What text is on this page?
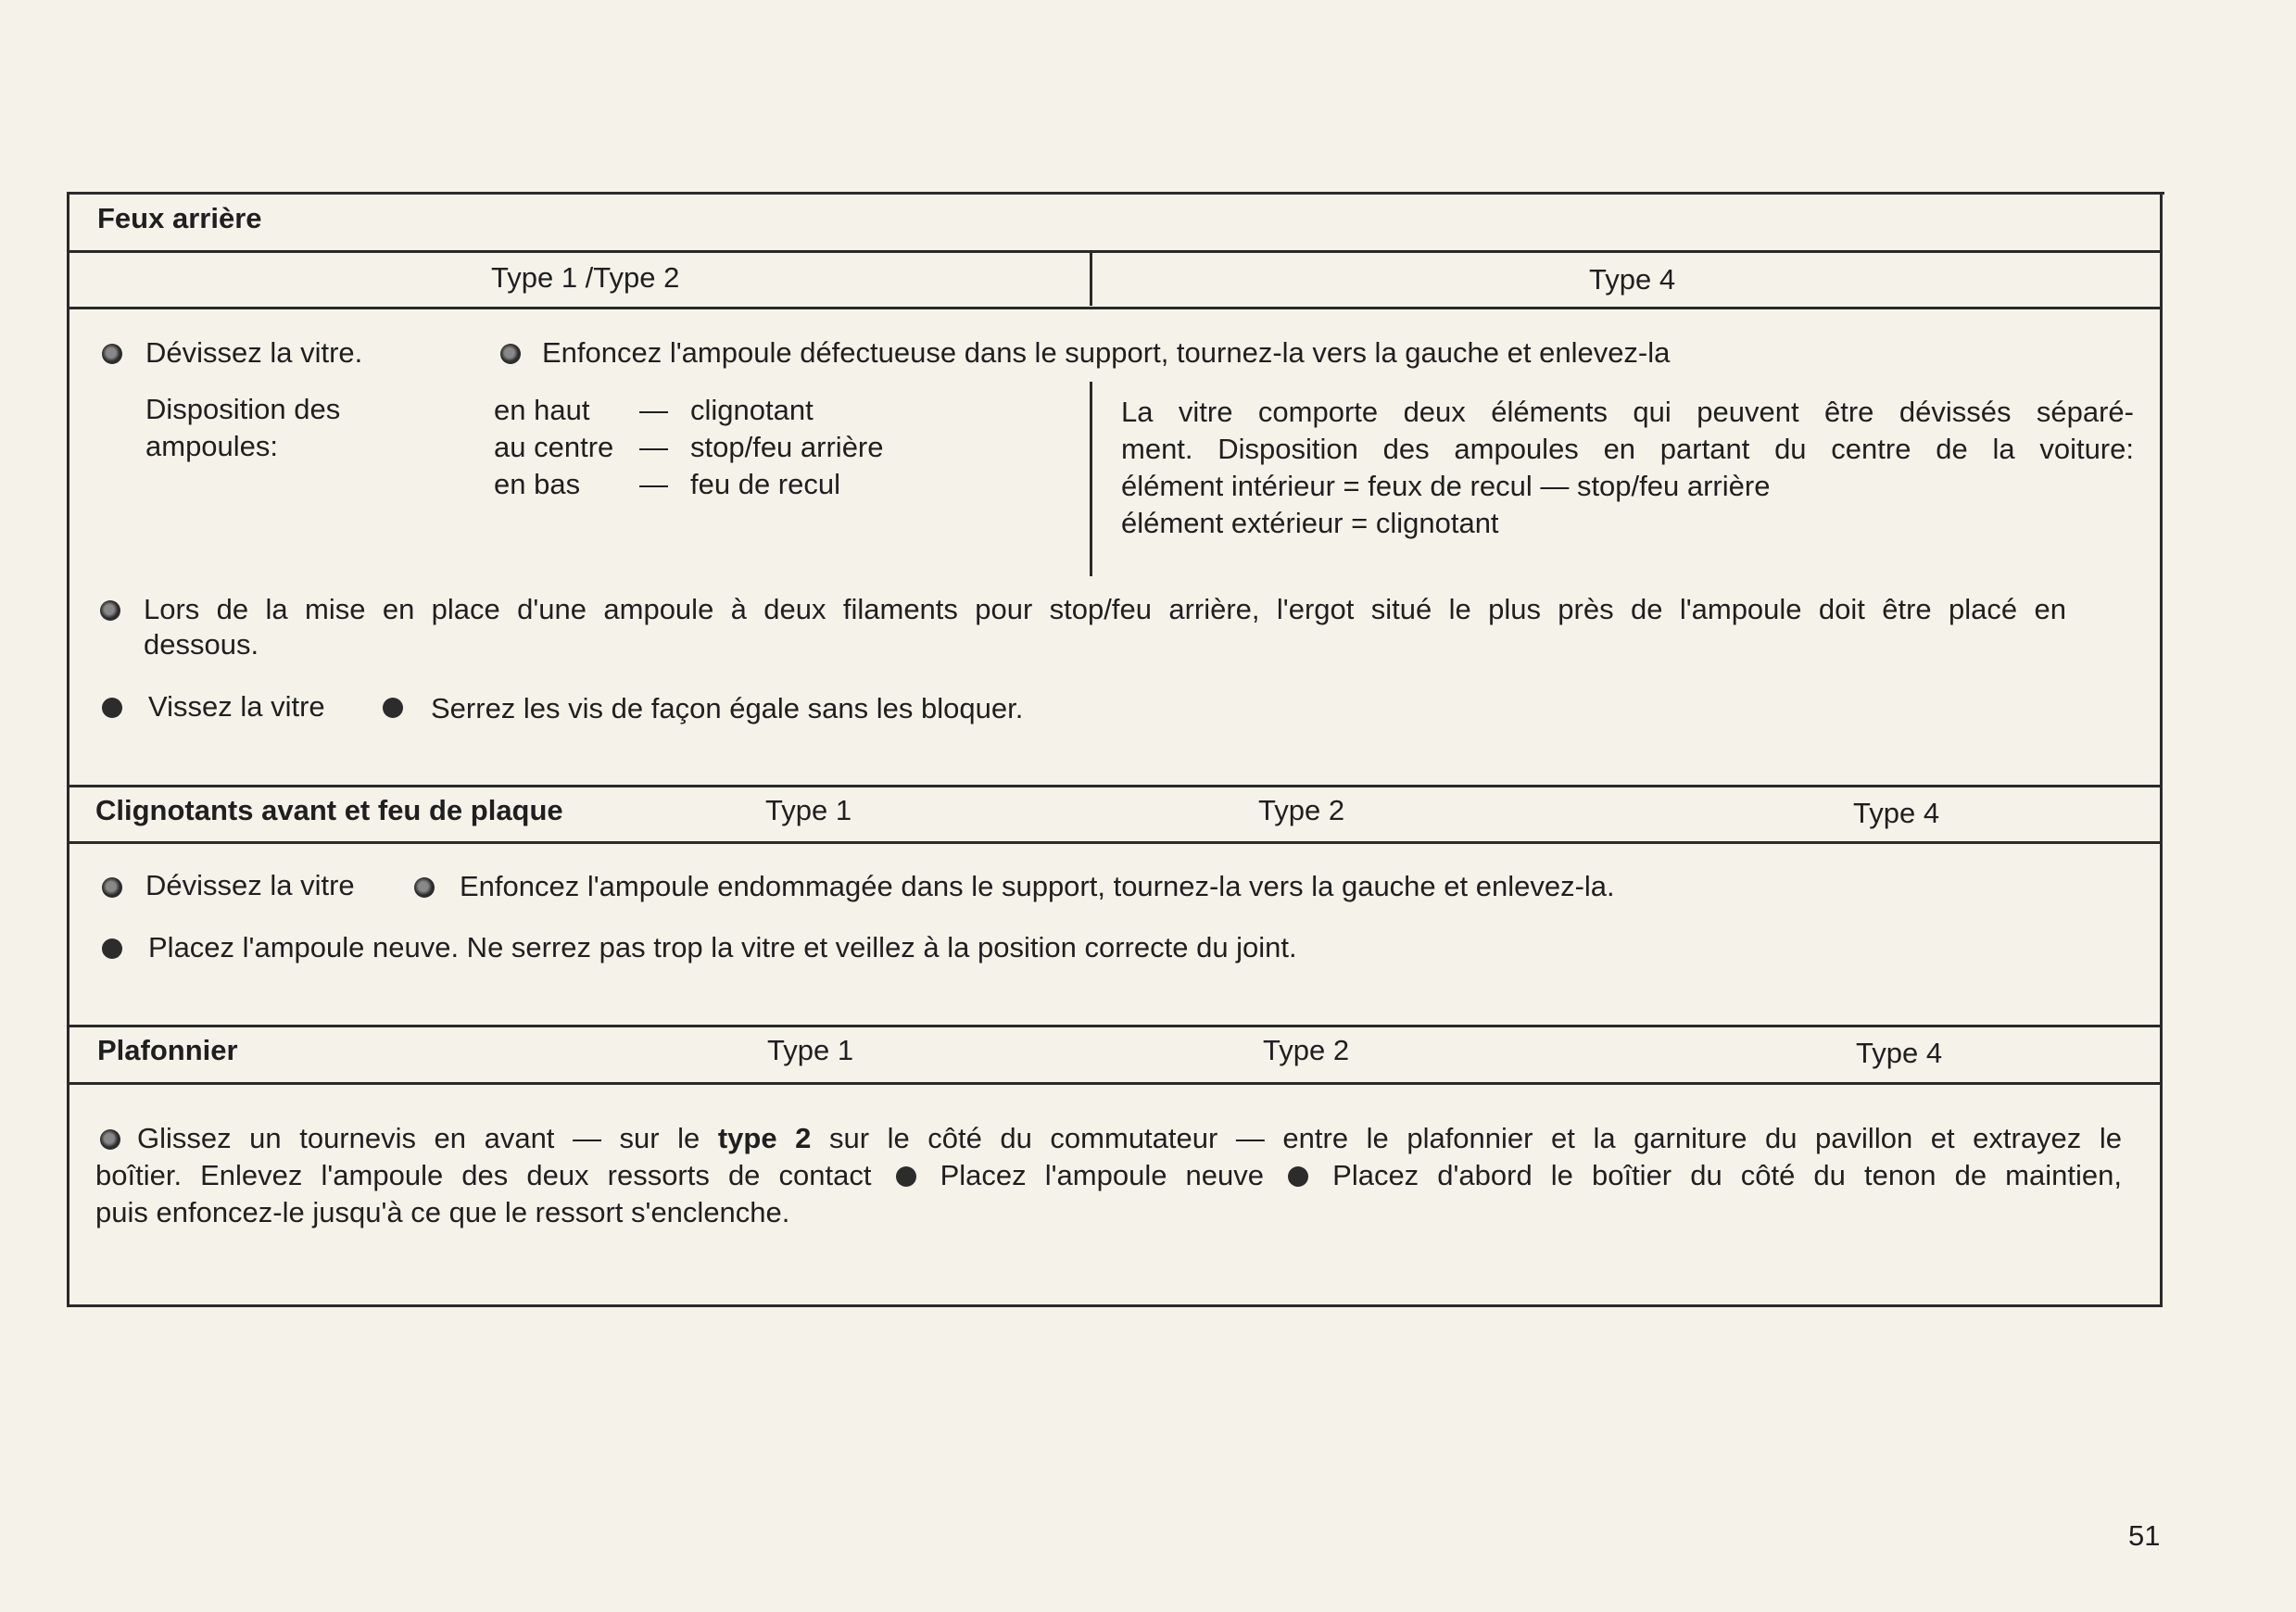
Feux arrière
Type 1 /Type 2	Type 4
Dévissez la vitre.	Enfoncez l'ampoule défectueuse dans le support, tournez-la vers la gauche et enlevez-la
Disposition des
ampoules:
en haut — clignotant
au centre — stop/feu arrière
en bas — feu de recul
La vitre comporte deux éléments qui peuvent être dévissés séparé-
ment. Disposition des ampoules en partant du centre de la voiture:
élément intérieur = feux de recul — stop/feu arrière
élément extérieur = clignotant
Lors de la mise en place d'une ampoule à deux filaments pour stop/feu arrière, l'ergot situé le plus près de l'ampoule doit être placé en
dessous.
Vissez la vitre	Serrez les vis de façon égale sans les bloquer.
Clignotants avant et feu de plaque	Type 1	Type 2	Type 4
Dévissez la vitre	Enfoncez l'ampoule endommagée dans le support, tournez-la vers la gauche et enlevez-la.
Placez l'ampoule neuve. Ne serrez pas trop la vitre et veillez à la position correcte du joint.
Plafonnier	Type 1	Type 2	Type 4
Glissez un tournevis en avant — sur le type 2 sur le côté du commutateur — entre le plafonnier et la garniture du pavillon et extrayez le
boîtier. Enlevez l'ampoule des deux ressorts de contact Placez l'ampoule neuve Placez d'abord le boîtier du côté du tenon de maintien,
puis enfoncez-le jusqu'à ce que le ressort s'enclenche.
51
